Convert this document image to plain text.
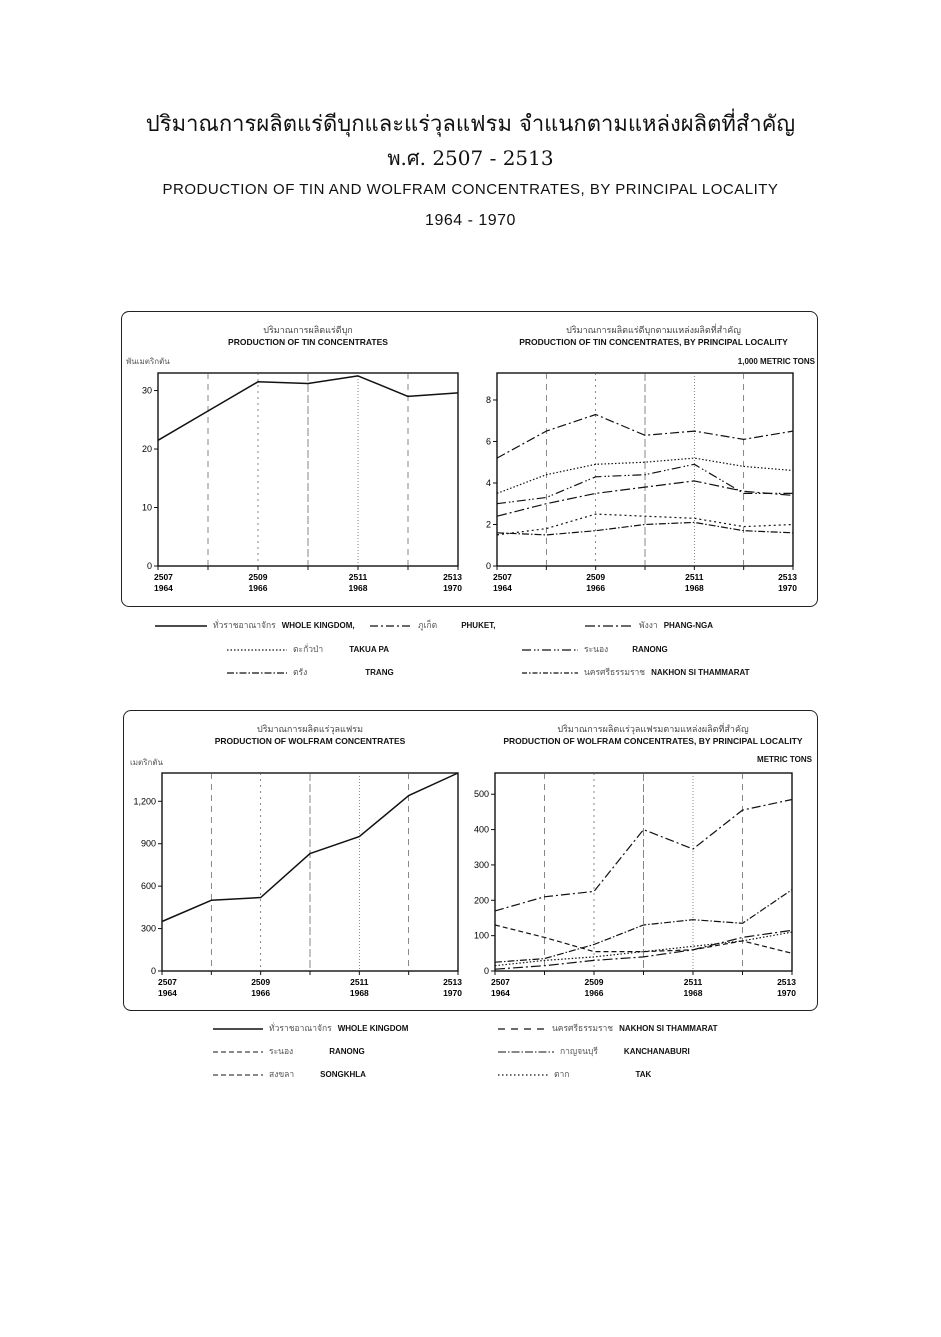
ปริมาณการผลิตแร่ดีบุกและแร่วุลแฟรม จำแนกตามแหล่งผลิตที่สำคัญ
พ.ศ. 2507 - 2513
PRODUCTION OF TIN AND WOLFRAM CONCENTRATES, BY PRINCIPAL LOCALITY
1964 - 1970
ปริมาณการผลิตแร่ดีบุก
PRODUCTION OF TIN CONCENTRATES
พันเมตริกตัน
ปริมาณการผลิตแร่ดีบุกตามแหล่งผลิตที่สำคัญ
PRODUCTION OF TIN CONCENTRATES, BY PRINCIPAL LOCALITY
1,000 METRIC TONS
0
10
20
30
2507
1964
2509
1966
2511
1968
2513
1970
0
2
4
6
8
2507
1964
2509
1966
2511
1968
2513
1970
ทั่วราชอาณาจักร WHOLE KINGDOM,	ภูเก็ต	PHUKET,	พังงา PHANG-NGA
ตะกั่วป่า	TAKUA PA	ระนอง	RANONG
ตรัง	TRANG	นครศรีธรรมราช NAKHON SI THAMMARAT
ปริมาณการผลิตแร่วุลแฟรม
PRODUCTION OF WOLFRAM CONCENTRATES
เมตริกตัน
ปริมาณการผลิตแร่วุลแฟรมตามแหล่งผลิตที่สำคัญ
PRODUCTION OF WOLFRAM CONCENTRATES, BY PRINCIPAL LOCALITY
METRIC TONS
0
300
600
900
1,200
2507
1964
2509
1966
2511
1968
2513
1970
0
100
200
300
400
500
2507
1964
2509
1966
2511
1968
2513
1970
ทั่วราชอาณาจักร WHOLE KINGDOM	นครศรีธรรมราช NAKHON SI THAMMARAT
ระนอง	RANONG	กาญจนบุรี	KANCHANABURI
สงขลา	SONGKHLA	ตาก	TAK
